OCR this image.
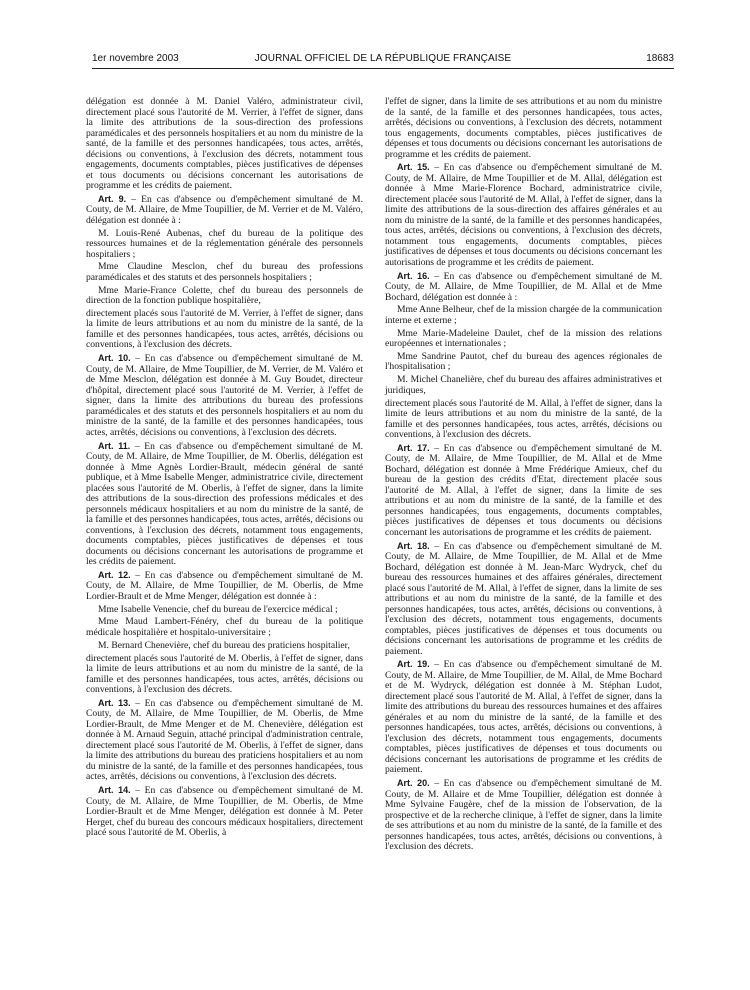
1er novembre 2003	JOURNAL OFFICIEL DE LA RÉPUBLIQUE FRANÇAISE	18683

délégation est donnée à M. Daniel Valéro, administrateur civil, directement placé sous l'autorité de M. Verrier, à l'effet de signer, dans la limite des attributions de la sous-direction des professions paramédicales et des personnels hospitaliers et au nom du ministre de la santé, de la famille et des personnes handicapées, tous actes, arrêtés, décisions ou conventions, à l'exclusion des décrets, notamment tous engagements, documents comptables, pièces justificatives de dépenses et tous documents ou décisions concernant les autorisations de programme et les crédits de paiement.

Art. 9. – En cas d'absence ou d'empêchement simultané de M. Couty, de M. Allaire, de Mme Toupillier, de M. Verrier et de M. Valéro, délégation est donnée à :

M. Louis-René Aubenas, chef du bureau de la politique des ressources humaines et de la réglementation générale des personnels hospitaliers ;

Mme Claudine Mesclon, chef du bureau des professions paramédicales et des statuts et des personnels hospitaliers ;

Mme Marie-France Colette, chef du bureau des personnels de direction de la fonction publique hospitalière,

directement placés sous l'autorité de M. Verrier, à l'effet de signer, dans la limite de leurs attributions et au nom du ministre de la santé, de la famille et des personnes handicapées, tous actes, arrêtés, décisions ou conventions, à l'exclusion des décrets.

Art. 10. – En cas d'absence ou d'empêchement simultané de M. Couty, de M. Allaire, de Mme Toupillier, de M. Verrier, de M. Valéro et de Mme Mesclon, délégation est donnée à M. Guy Boudet, directeur d'hôpital, directement placé sous l'autorité de M. Verrier, à l'effet de signer, dans la limite des attributions du bureau des professions paramédicales et des statuts et des personnels hospitaliers et au nom du ministre de la santé, de la famille et des personnes handicapées, tous actes, arrêtés, décisions ou conventions, à l'exclusion des décrets.

Art. 11. – En cas d'absence ou d'empêchement simultané de M. Couty, de M. Allaire, de Mme Toupillier, de M. Oberlis, délégation est donnée à Mme Agnès Lordier-Brault, médecin général de santé publique, et à Mme Isabelle Menger, administratrice civile, directement placées sous l'autorité de M. Oberlis, à l'effet de signer, dans la limite des attributions de la sous-direction des professions médicales et des personnels médicaux hospitaliers et au nom du ministre de la santé, de la famille et des personnes handicapées, tous actes, arrêtés, décisions ou conventions, à l'exclusion des décrets, notamment tous engagements, documents comptables, pièces justificatives de dépenses et tous documents ou décisions concernant les autorisations de programme et les crédits de paiement.

Art. 12. – En cas d'absence ou d'empêchement simultané de M. Couty, de M. Allaire, de Mme Toupillier, de M. Oberlis, de Mme Lordier-Brault et de Mme Menger, délégation est donnée à :

Mme Isabelle Venencie, chef du bureau de l'exercice médical ;

Mme Maud Lambert-Fénéry, chef du bureau de la politique médicale hospitalière et hospitalo-universitaire ;

M. Bernard Chenevière, chef du bureau des praticiens hospitalier,

directement placés sous l'autorité de M. Oberlis, à l'effet de signer, dans la limite de leurs attributions et au nom du ministre de la santé, de la famille et des personnes handicapées, tous actes, arrêtés, décisions ou conventions, à l'exclusion des décrets.

Art. 13. – En cas d'absence ou d'empêchement simultané de M. Couty, de M. Allaire, de Mme Toupillier, de M. Oberlis, de Mme Lordier-Brault, de Mme Menger et de M. Chenevière, délégation est donnée à M. Arnaud Seguin, attaché principal d'administration centrale, directement placé sous l'autorité de M. Oberlis, à l'effet de signer, dans la limite des attributions du bureau des praticiens hospitaliers et au nom du ministre de la santé, de la famille et des personnes handicapées, tous actes, arrêtés, décisions ou conventions, à l'exclusion des décrets.

Art. 14. – En cas d'absence ou d'empêchement simultané de M. Couty, de M. Allaire, de Mme Toupillier, de M. Oberlis, de Mme Lordier-Brault et de Mme Menger, délégation est donnée à M. Peter Herget, chef du bureau des concours médicaux hospitaliers, directement placé sous l'autorité de M. Oberlis, à

l'effet de signer, dans la limite de ses attributions et au nom du ministre de la santé, de la famille et des personnes handicapées, tous actes, arrêtés, décisions ou conventions, à l'exclusion des décrets, notamment tous engagements, documents comptables, pièces justificatives de dépenses et tous documents ou décisions concernant les autorisations de programme et les crédits de paiement.

Art. 15. – En cas d'absence ou d'empêchement simultané de M. Couty, de M. Allaire, de Mme Toupillier et de M. Allal, délégation est donnée à Mme Marie-Florence Bochard, administratrice civile, directement placée sous l'autorité de M. Allal, à l'effet de signer, dans la limite des attributions de la sous-direction des affaires générales et au nom du ministre de la santé, de la famille et des personnes handicapées, tous actes, arrêtés, décisions ou conventions, à l'exclusion des décrets, notamment tous engagements, documents comptables, pièces justificatives de dépenses et tous documents ou décisions concernant les autorisations de programme et les crédits de paiement.

Art. 16. – En cas d'absence ou d'empêchement simultané de M. Couty, de M. Allaire, de Mme Toupillier, de M. Allal et de Mme Bochard, délégation est donnée à :

Mme Anne Belheur, chef de la mission chargée de la communication interne et externe ;

Mme Marie-Madeleine Daulet, chef de la mission des relations européennes et internationales ;

Mme Sandrine Pautot, chef du bureau des agences régionales de l'hospitalisation ;

M. Michel Chanelière, chef du bureau des affaires administratives et juridiques,

directement placés sous l'autorité de M. Allal, à l'effet de signer, dans la limite de leurs attributions et au nom du ministre de la santé, de la famille et des personnes handicapées, tous actes, arrêtés, décisions ou conventions, à l'exclusion des décrets.

Art. 17. – En cas d'absence ou d'empêchement simultané de M. Couty, de M. Allaire, de Mme Toupillier, de M. Allal et de Mme Bochard, délégation est donnée à Mme Frédérique Amieux, chef du bureau de la gestion des crédits d'Etat, directement placée sous l'autorité de M. Allal, à l'effet de signer, dans la limite de ses attributions et au nom du ministre de la santé, de la famille et des personnes handicapées, tous engagements, documents comptables, pièces justificatives de dépenses et tous documents ou décisions concernant les autorisations de programme et les crédits de paiement.

Art. 18. – En cas d'absence ou d'empêchement simultané de M. Couty, de M. Allaire, de Mme Toupillier, de M. Allal et de Mme Bochard, délégation est donnée à M. Jean-Marc Wydryck, chef du bureau des ressources humaines et des affaires générales, directement placé sous l'autorité de M. Allal, à l'effet de signer, dans la limite de ses attributions et au nom du ministre de la santé, de la famille et des personnes handicapées, tous actes, arrêtés, décisions ou conventions, à l'exclusion des décrets, notamment tous engagements, documents comptables, pièces justificatives de dépenses et tous documents ou décisions concernant les autorisations de programme et les crédits de paiement.

Art. 19. – En cas d'absence ou d'empêchement simultané de M. Couty, de M. Allaire, de Mme Toupillier, de M. Allal, de Mme Bochard et de M. Wydryck, délégation est donnée à M. Stéphan Ludot, directement placé sous l'autorité de M. Allal, à l'effet de signer, dans la limite des attributions du bureau des ressources humaines et des affaires générales et au nom du ministre de la santé, de la famille et des personnes handicapées, tous actes, arrêtés, décisions ou conventions, à l'exclusion des décrets, notamment tous engagements, documents comptables, pièces justificatives de dépenses et tous documents ou décisions concernant les autorisations de programme et les crédits de paiement.

Art. 20. – En cas d'absence ou d'empêchement simultané de M. Couty, de M. Allaire et de Mme Toupillier, délégation est donnée à Mme Sylvaine Faugère, chef de la mission de l'observation, de la prospective et de la recherche clinique, à l'effet de signer, dans la limite de ses attributions et au nom du ministre de la santé, de la famille et des personnes handicapées, tous actes, arrêtés, décisions ou conventions, à l'exclusion des décrets.
